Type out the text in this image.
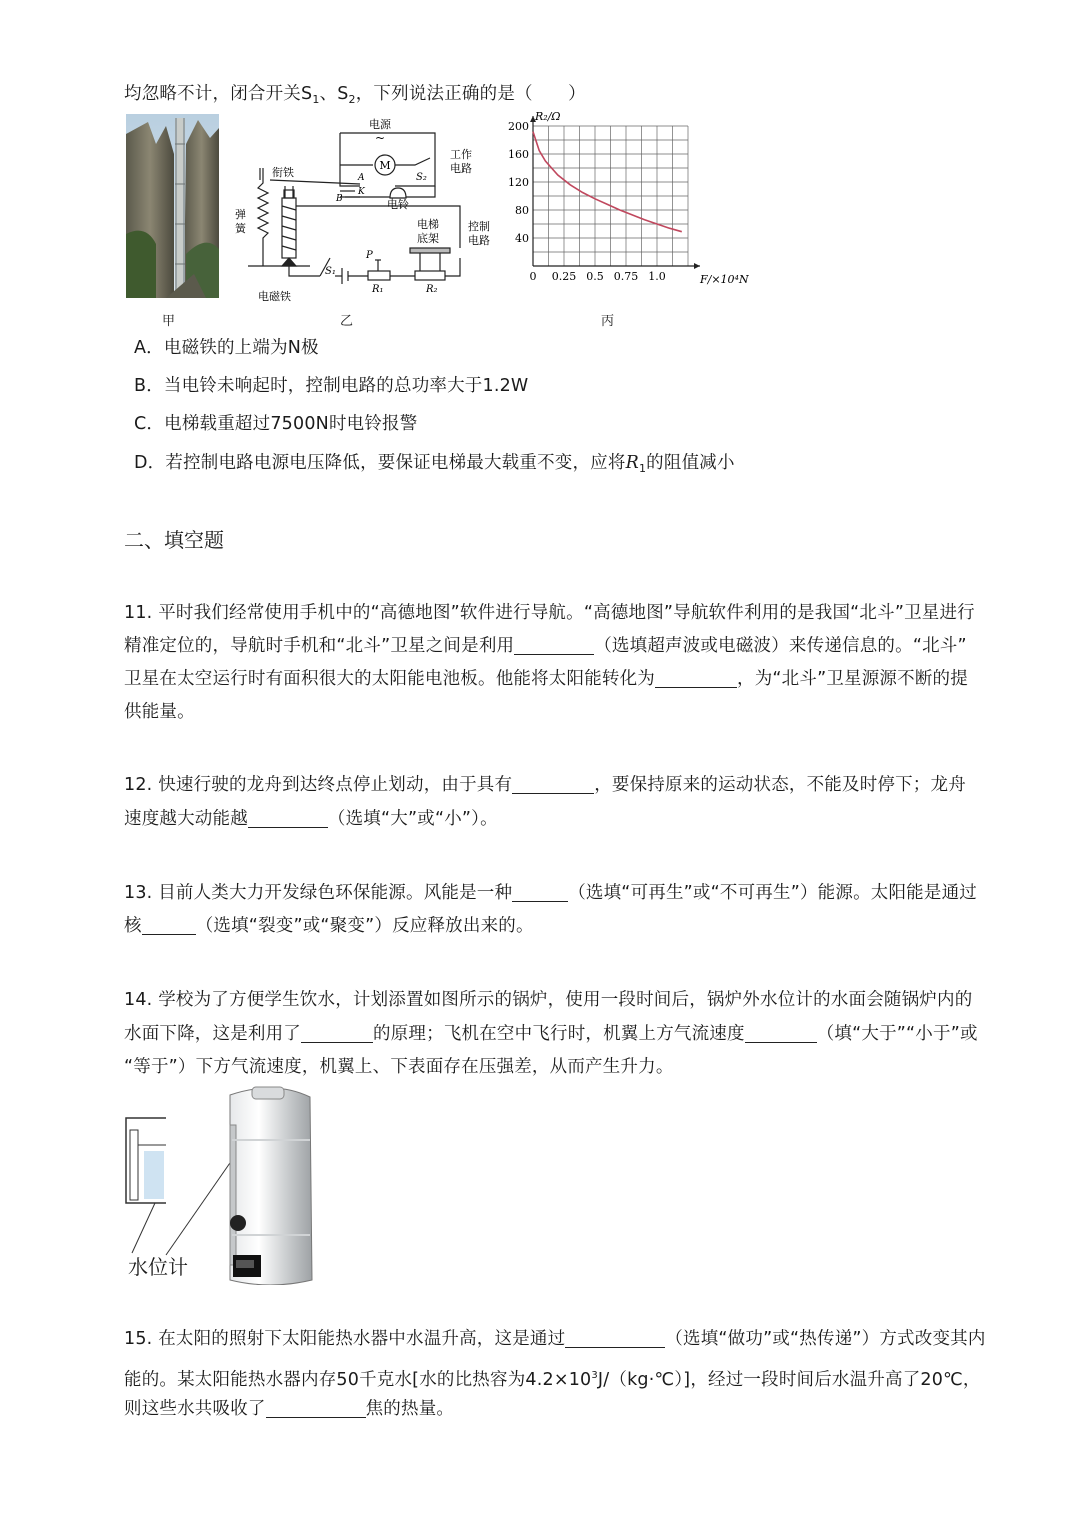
均忽略不计，闭合开关$S_1$、$S_2$，下列说法正确的是（　　）
甲
电源
~
M
工作
电路
S₂
A
K
B
衔铁
弹
簧
电铃
电梯
底架
控制
电路
S₁
P
R₁	R₂
电磁铁
乙
0 0.25 0.5 0.75 1.0
40
80
120
160
200
R₂/Ω
F/×10⁴N
丙
A．电磁铁的上端为N极
B．当电铃未响起时，控制电路的总功率大于1.2W
C．电梯载重超过7500N时电铃报警
D．若控制电路电源电压降低，要保证电梯最大载重不变，应将$R_1$的阻值减小
二、填空题
11. 平时我们经常使用手机中的“高德地图”软件进行导航。“高德地图”导航软件利用的是我国“北斗”卫星进行
精准定位的，导航时手机和“北斗”卫星之间是利用	（选填超声波或电磁波）来传递信息的。“北斗”
卫星在太空运行时有面积很大的太阳能电池板。他能将太阳能转化为	，为“北斗”卫星源源不断的提
供能量。
12. 快速行驶的龙舟到达终点停止划动，由于具有	，要保持原来的运动状态，不能及时停下；龙舟
速度越大动能越	（选填“大”或“小”）。
13. 目前人类大力开发绿色环保能源。风能是一种	（选填“可再生”或“不可再生”）能源。太阳能是通过
核	（选填“裂变”或“聚变”）反应释放出来的。
14. 学校为了方便学生饮水，计划添置如图所示的锅炉，使用一段时间后，锅炉外水位计的水面会随锅炉内的
水面下降，这是利用了	的原理；飞机在空中飞行时，机翼上方气流速度	（填“大于”“小于”或
“等于”）下方气流速度，机翼上、下表面存在压强差，从而产生升力。
水位计
15. 在太阳的照射下太阳能热水器中水温升高，这是通过	（选填“做功”或“热传递”）方式改变其内
能的。某太阳能热水器内存50千克水[水的比热容为$4.2\times 10^3J/(kg\cdot℃)$]，经过一段时间后水温升高了20℃，
则这些水共吸收了	焦的热量。
